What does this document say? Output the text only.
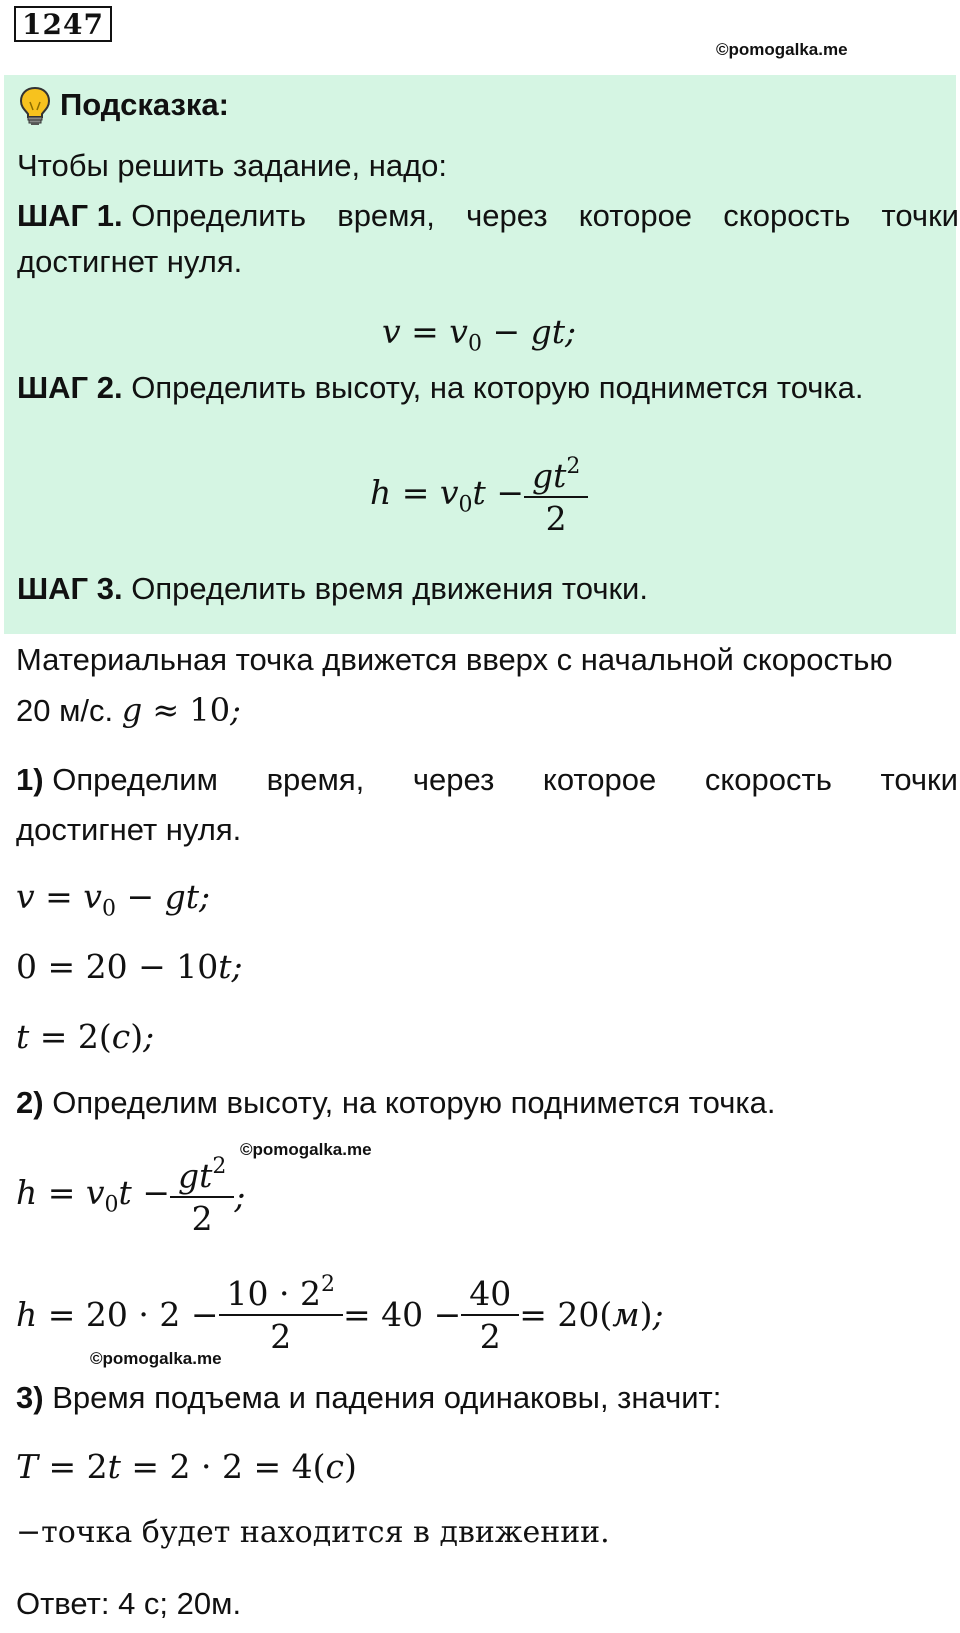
1247
©pomogalka.me
Подсказка:
Чтобы решить задание, надо:
ШАГ 1. Определить время, через которое скорость точки
достигнет нуля.
$v = v_0$ − gt;
ШАГ 2. Определить высоту, на которую поднимется точка.
$h = v_0t - \frac{gt^2}{2}$
ШАГ 3. Определить время движения точки.
Материальная точка движется вверх с начальной скоростью
20 м/с. g ≈ 10;
1) Определим время, через которое скорость точки
достигнет нуля.
$v = v_0$ − gt;
0 = 20 − 10t;
t = 2(c);
2) Определим высоту, на которую поднимется точка.
©pomogalka.me
$h = v_0t - \frac{gt^2}{2}$ ;
$h = 20 \cdot 2 - \frac{10 \cdot 2^2}{2} = 40 - \frac{40}{2} = 20$( м ) ;
©pomogalka.me
3) Время подъема и падения одинаковы, значит:
T = 2t = 2 · 2 = 4(c)
−точка будет находится в движении.
Ответ: 4 с; 20м.
